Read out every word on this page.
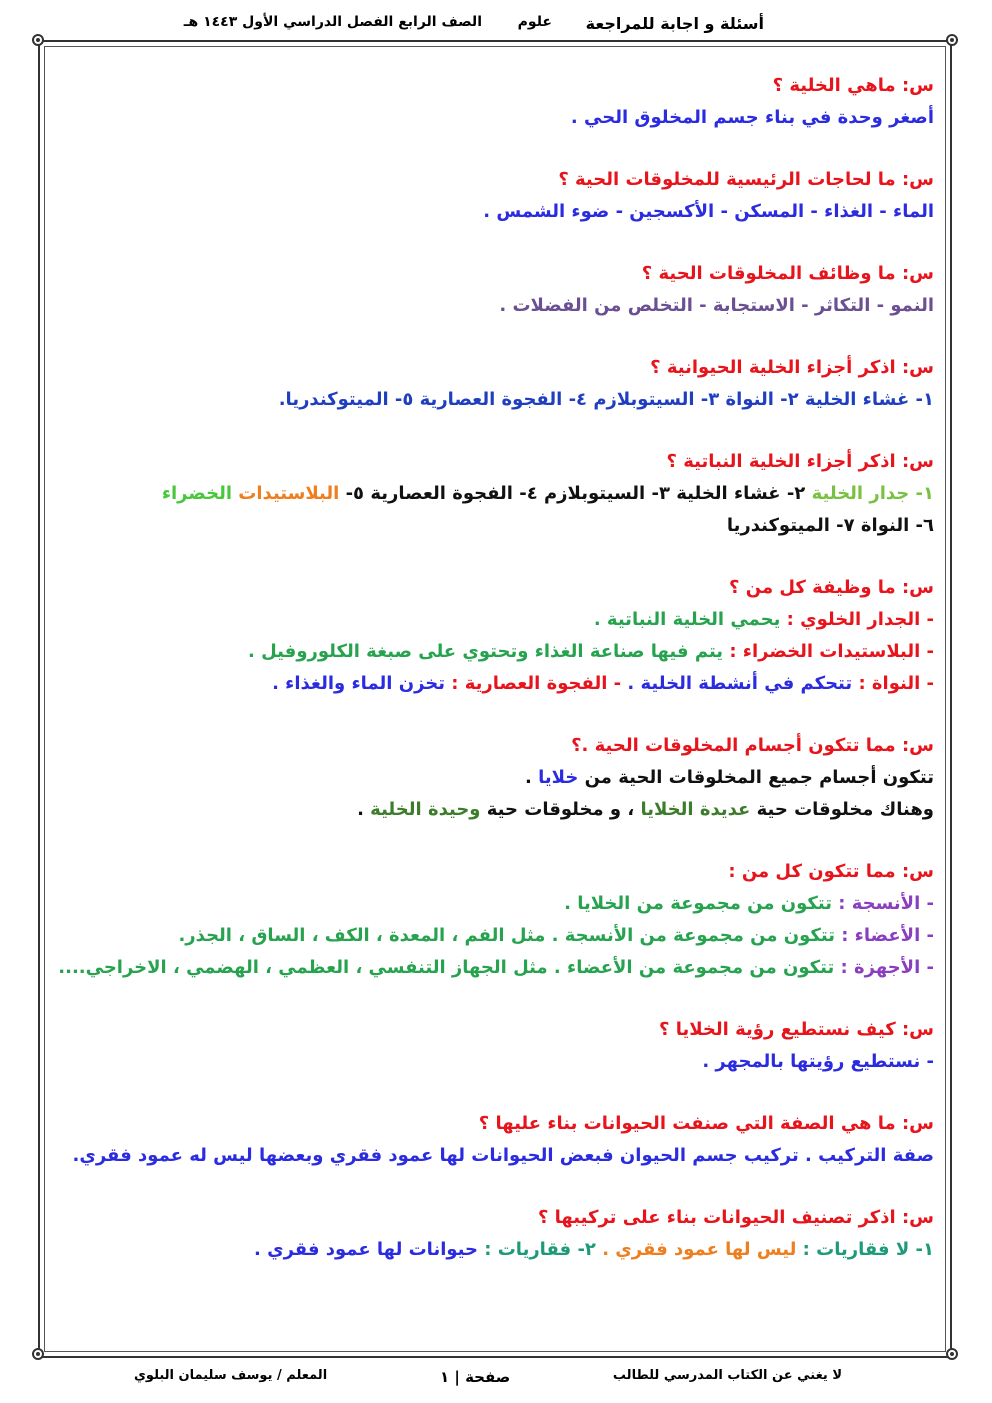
أسئلة و اجابة للمراجعة
علوم
الصف الرابع الفصل الدراسي الأول ١٤٤٣ هـ
س: ماهي الخلية ؟
أصغر وحدة في بناء جسم المخلوق الحي .
س: ما لحاجات الرئيسية للمخلوقات الحية ؟
الماء - الغذاء - المسكن - الأكسجين - ضوء الشمس .
س: ما وظائف المخلوقات الحية ؟
النمو - التكاثر - الاستجابة - التخلص من الفضلات .
س: اذكر أجزاء الخلية الحيوانية ؟
١- غشاء الخلية ٢- النواة ٣- السيتوبلازم ٤- الفجوة العصارية ٥- الميتوكندريا.
س: اذكر أجزاء الخلية النباتية ؟
١- جدار الخلية ٢- غشاء الخلية ٣- السيتوبلازم ٤- الفجوة العصارية ٥- البلاستيدات الخضراء
٦- النواة ٧- الميتوكندريا
س: ما وظيفة كل من ؟
- الجدار الخلوي : يحمي الخلية النباتية .
- البلاستيدات الخضراء : يتم فيها صناعة الغذاء وتحتوي على صبغة الكلوروفيل .
- النواة : تتحكم في أنشطة الخلية . - الفجوة العصارية : تخزن الماء والغذاء .
س: مما تتكون أجسام المخلوقات الحية .؟
تتكون أجسام جميع المخلوقات الحية من خلايا .
وهناك مخلوقات حية عديدة الخلايا ، و مخلوقات حية وحيدة الخلية .
س: مما تتكون كل من :
- الأنسجة : تتكون من مجموعة من الخلايا .
- الأعضاء : تتكون من مجموعة من الأنسجة . مثل الفم ، المعدة ، الكف ، الساق ، الجذر.
- الأجهزة : تتكون من مجموعة من الأعضاء . مثل الجهاز التنفسي ، العظمي ، الهضمي ، الاخراجي....
س: كيف نستطيع رؤية الخلايا ؟
- نستطيع رؤيتها بالمجهر .
س: ما هي الصفة التي صنفت الحيوانات بناء عليها ؟
صفة التركيب . تركيب جسم الحيوان فبعض الحيوانات لها عمود فقري وبعضها ليس له عمود فقري.
س: اذكر تصنيف الحيوانات بناء على تركيبها ؟
١- لا فقاريات : ليس لها عمود فقري . ٢- فقاريات : حيوانات لها عمود فقري .
لا يغني عن الكتاب المدرسي للطالب
صفحة | ١
المعلم / يوسف سليمان البلوي
